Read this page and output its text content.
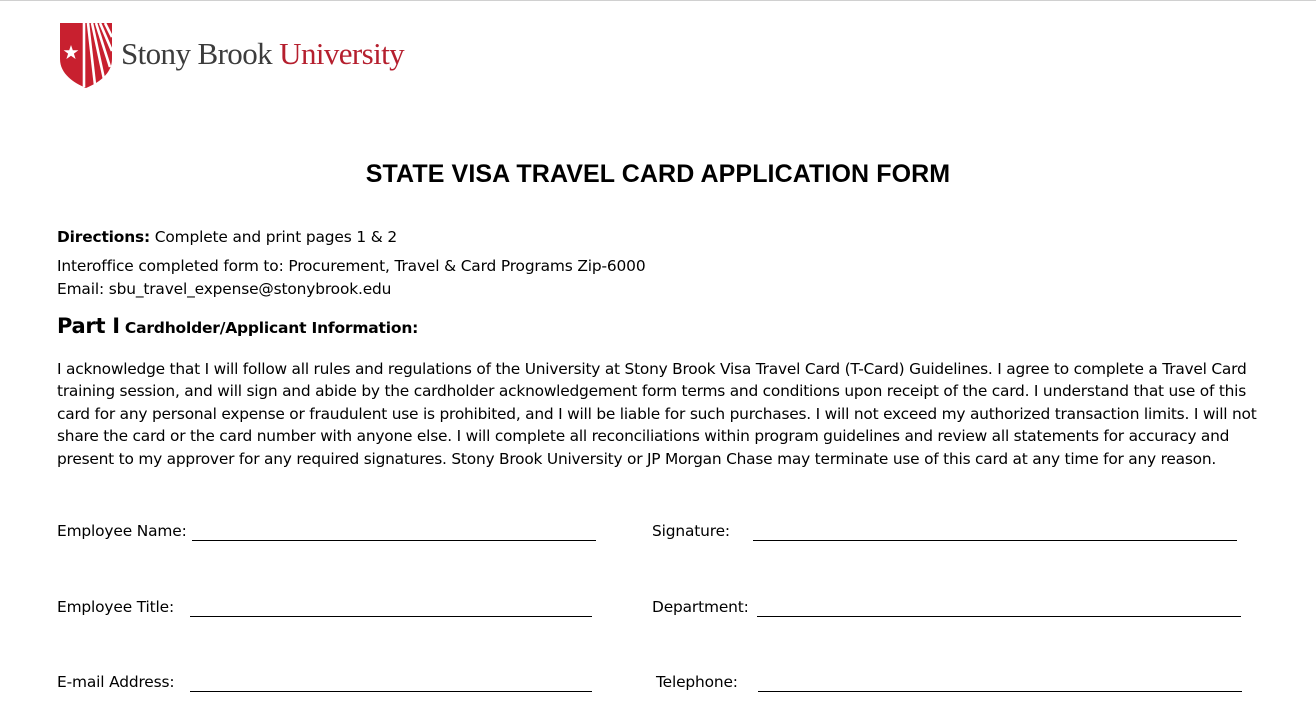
Stony Brook University
STATE VISA TRAVEL CARD APPLICATION FORM
Directions: Complete and print pages 1 & 2
Interoffice completed form to: Procurement, Travel & Card Programs Zip-6000
Email: sbu_travel_expense@stonybrook.edu
Part I Cardholder/Applicant Information:
I acknowledge that I will follow all rules and regulations of the University at Stony Brook Visa Travel Card (T-Card) Guidelines. I agree to complete a Travel Card
training session, and will sign and abide by the cardholder acknowledgement form terms and conditions upon receipt of the card. I understand that use of this
card for any personal expense or fraudulent use is prohibited, and I will be liable for such purchases. I will not exceed my authorized transaction limits. I will not
share the card or the card number with anyone else. I will complete all reconciliations within program guidelines and review all statements for accuracy and
present to my approver for any required signatures. Stony Brook University or JP Morgan Chase may terminate use of this card at any time for any reason.
Employee Name:	Signature:
Employee Title:	Department:
E-mail Address:	Telephone:
